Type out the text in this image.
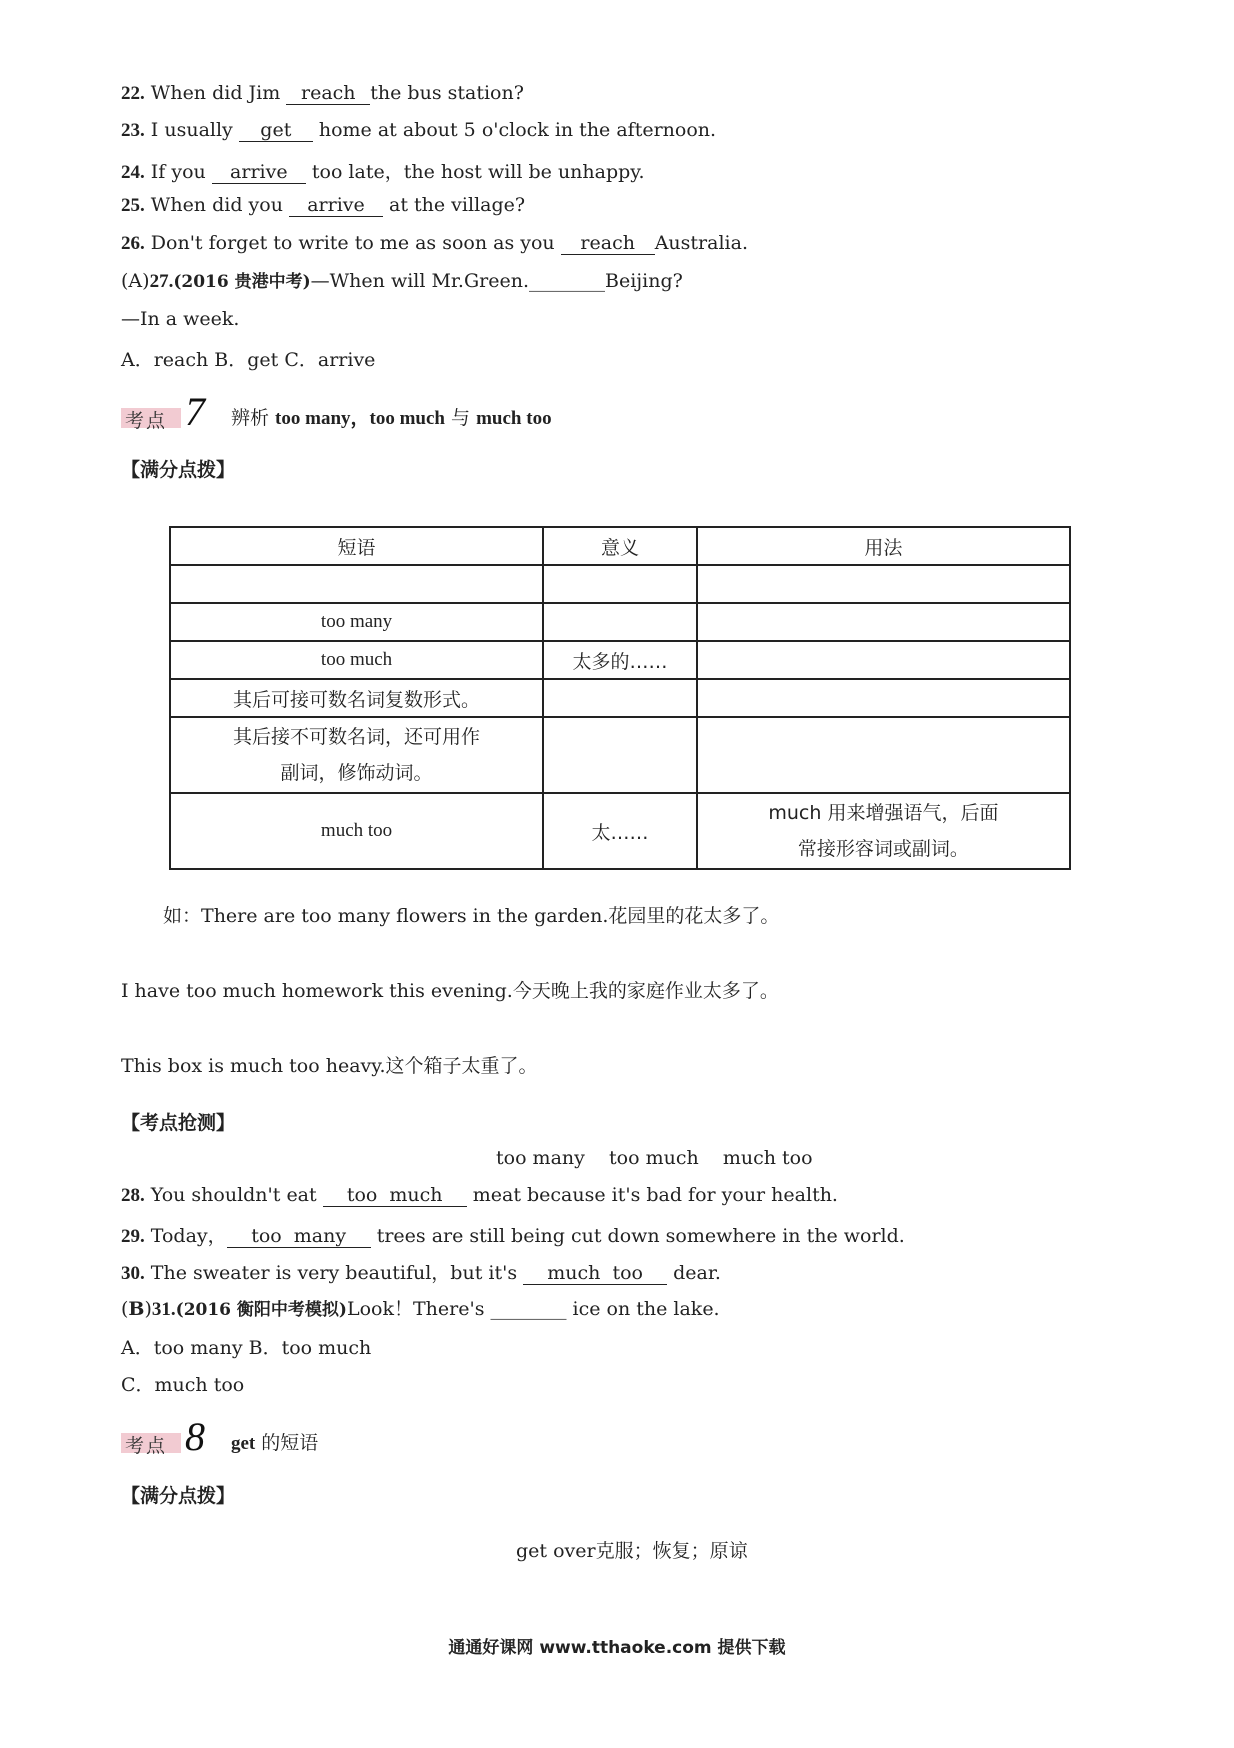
22. When did Jim reach the bus station?
23. I usually get home at about 5 o'clock in the afternoon.
24. If you arrive too late，the host will be unhappy.
25. When did you arrive at the village?
26. Don't forget to write to me as soon as you reach Australia.
(A)27.(2016 贵港中考)—When will Mr.Green.________Beijing?
—In a week.
A．reach B．get C．arrive
考点 7 辨析 too many，too much 与 much too
【满分点拨】
短语	意义	用法

too many		
too much	太多的……	
其后可接可数名词复数形式。		
其后接不可数名词，还可用作副词，修饰动词。		
much too	太……	much 用来增强语气，后面常接形容词或副词。
如：There are too many flowers in the garden.花园里的花太多了。
I have too much homework this evening.今天晚上我的家庭作业太多了。
This box is much too heavy.这个箱子太重了。
【考点抢测】
too many    too much    much too
28. You shouldn't eat too  much meat because it's bad for your health.
29. Today， too  many trees are still being cut down somewhere in the world.
30. The sweater is very beautiful，but it's much  too dear.
(B)31.(2016 衡阳中考模拟)Look！There's ________ ice on the lake.
A．too many B．too much
C．much too
考点 8 get 的短语
【满分点拨】
get over克服；恢复；原谅
通通好课网 www.tthaoke.com 提供下载
